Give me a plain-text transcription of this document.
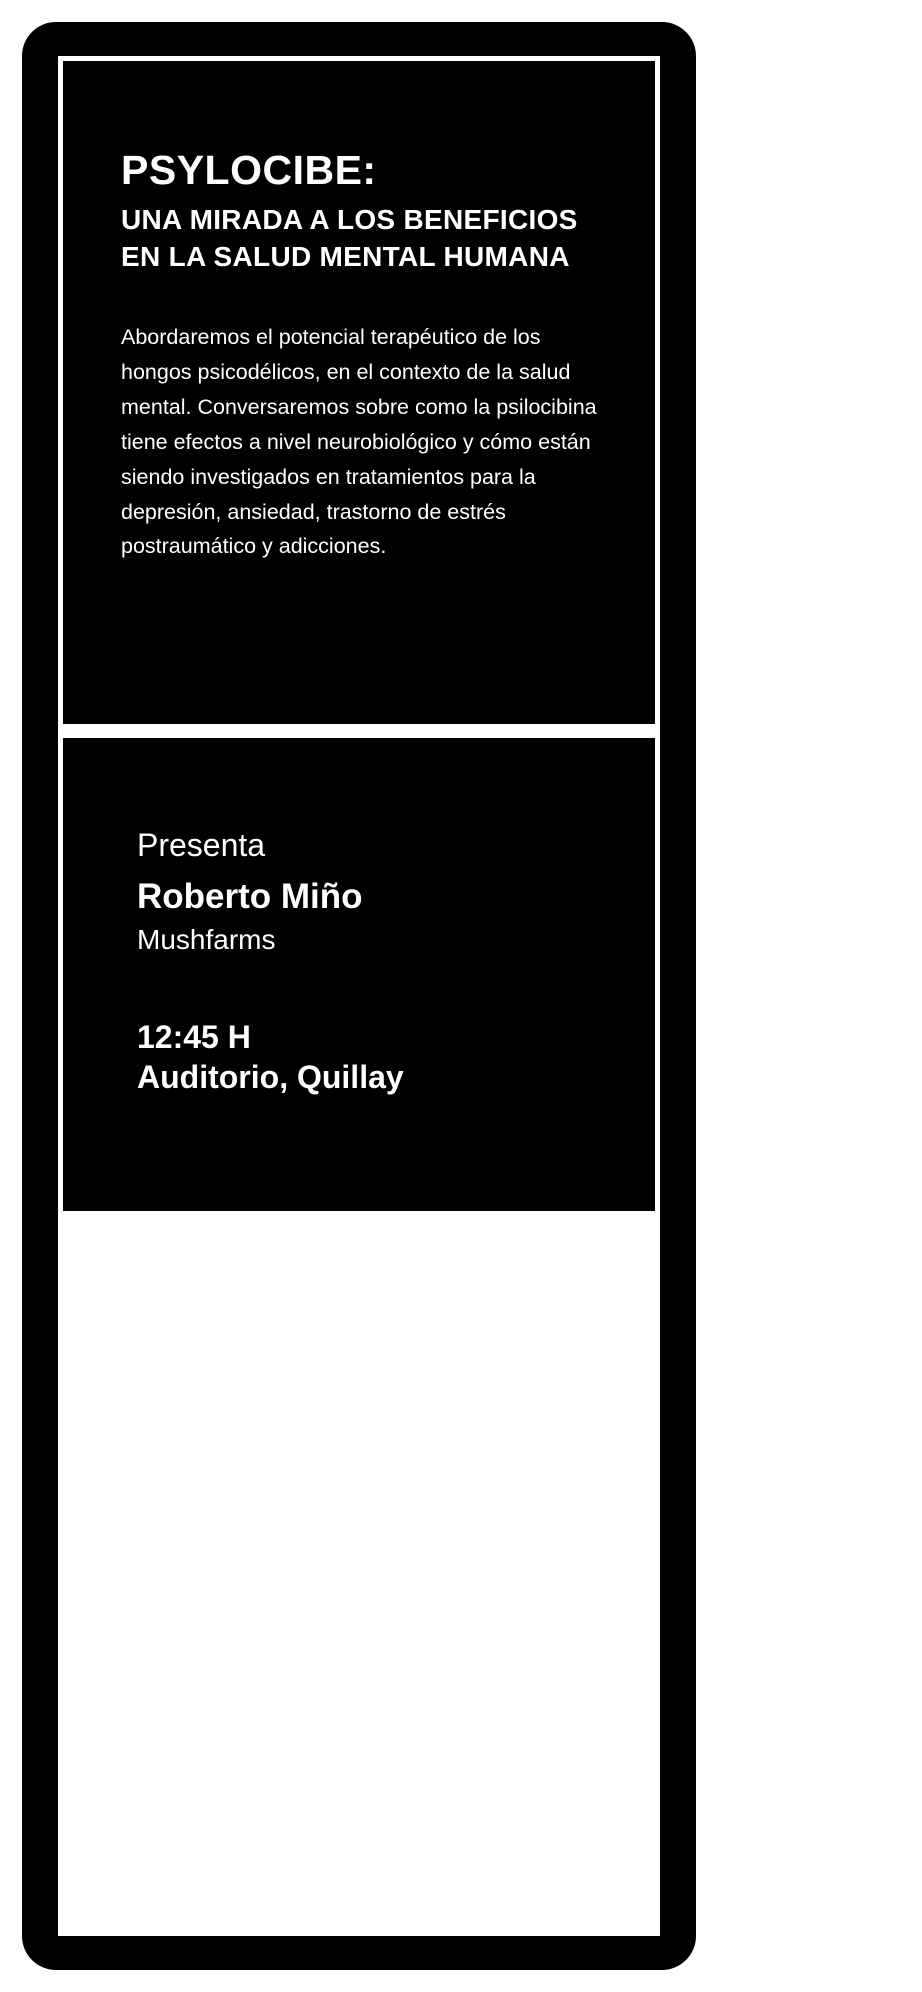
PSYLOCIBE:
UNA MIRADA A LOS BENEFICIOS EN LA SALUD MENTAL HUMANA

Abordaremos el potencial terapéutico de los hongos psicodélicos, en el contexto de la salud mental. Conversaremos sobre como la psilocibina tiene efectos a nivel neurobiológico y cómo están siendo investigados en tratamientos para la depresión, ansiedad, trastorno de estrés postraumático y adicciones.

Presenta

Roberto Miño

Mushfarms

12:45 H

Auditorio, Quillay
